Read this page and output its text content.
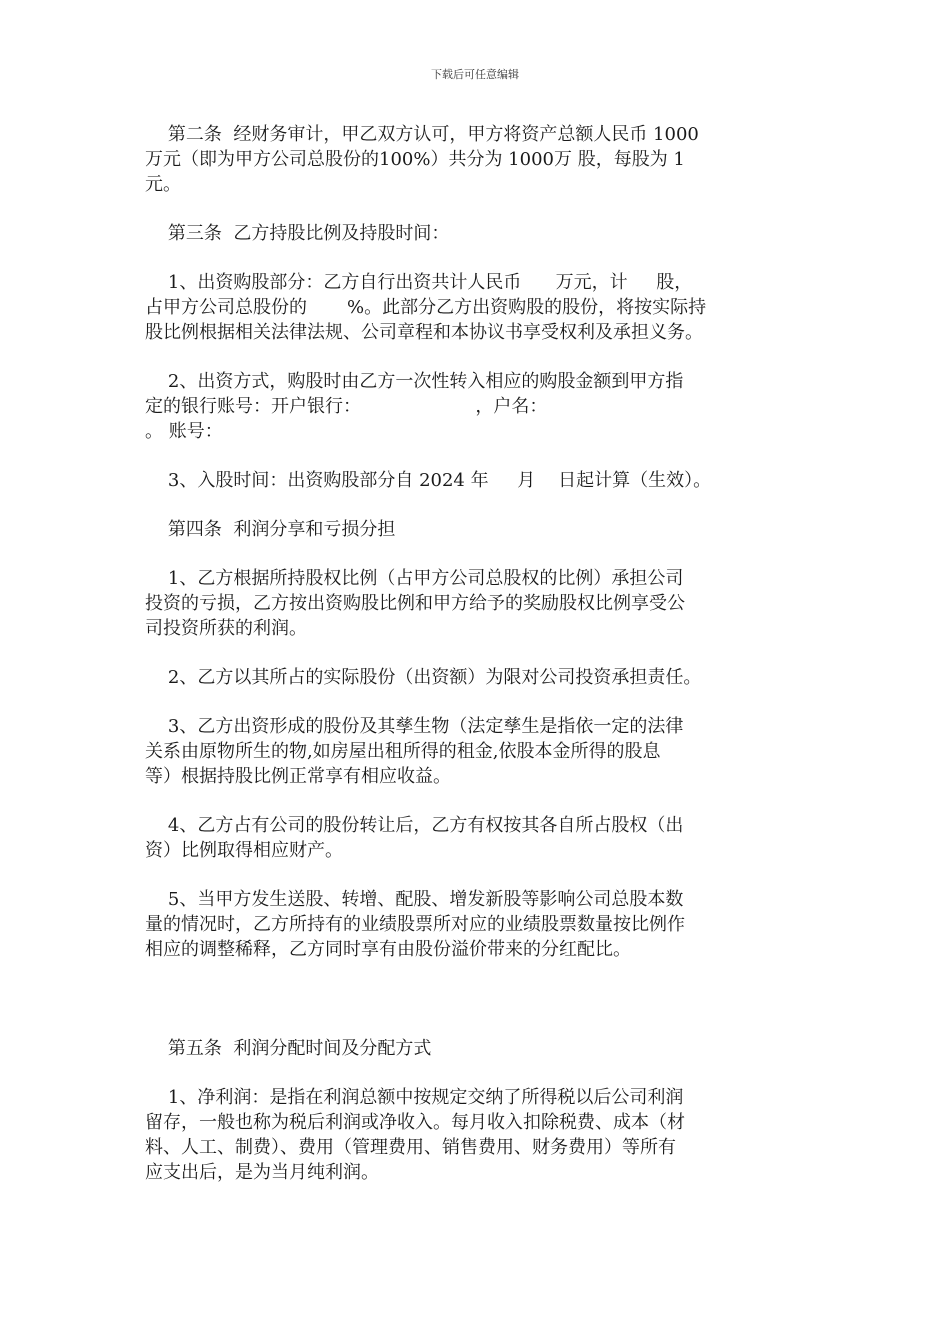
下载后可任意编辑

第二条  经财务审计，甲乙双方认可，甲方将资产总额人民币 1000
万元（即为甲方公司总股份的100%）共分为 1000万 股，每股为 1
元。

第三条  乙方持股比例及持股时间：

1、出资购股部分：乙方自行出资共计人民币      万元，计     股，
占甲方公司总股份的       %。此部分乙方出资购股的股份，将按实际持
股比例根据相关法律法规、公司章程和本协议书享受权利及承担义务。

2、出资方式，购股时由乙方一次性转入相应的购股金额到甲方指
定的银行账号：开户银行：                    ，户名：
。 账号：

3、入股时间：出资购股部分自 2024 年     月    日起计算（生效）。

第四条  利润分享和亏损分担

1、乙方根据所持股权比例（占甲方公司总股权的比例）承担公司
投资的亏损，乙方按出资购股比例和甲方给予的奖励股权比例享受公
司投资所获的利润。

2、乙方以其所占的实际股份（出资额）为限对公司投资承担责任。

3、乙方出资形成的股份及其孳生物（法定孳生是指依一定的法律
关系由原物所生的物,如房屋出租所得的租金,依股本金所得的股息
等）根据持股比例正常享有相应收益。

4、乙方占有公司的股份转让后，乙方有权按其各自所占股权（出
资）比例取得相应财产。

5、当甲方发生送股、转增、配股、增发新股等影响公司总股本数
量的情况时，乙方所持有的业绩股票所对应的业绩股票数量按比例作
相应的调整稀释，乙方同时享有由股份溢价带来的分红配比。

第五条  利润分配时间及分配方式

1、净利润：是指在利润总额中按规定交纳了所得税以后公司利润
留存，一般也称为税后利润或净收入。每月收入扣除税费、成本（材
料、人工、制费）、费用（管理费用、销售费用、财务费用）等所有
应支出后，是为当月纯利润。
